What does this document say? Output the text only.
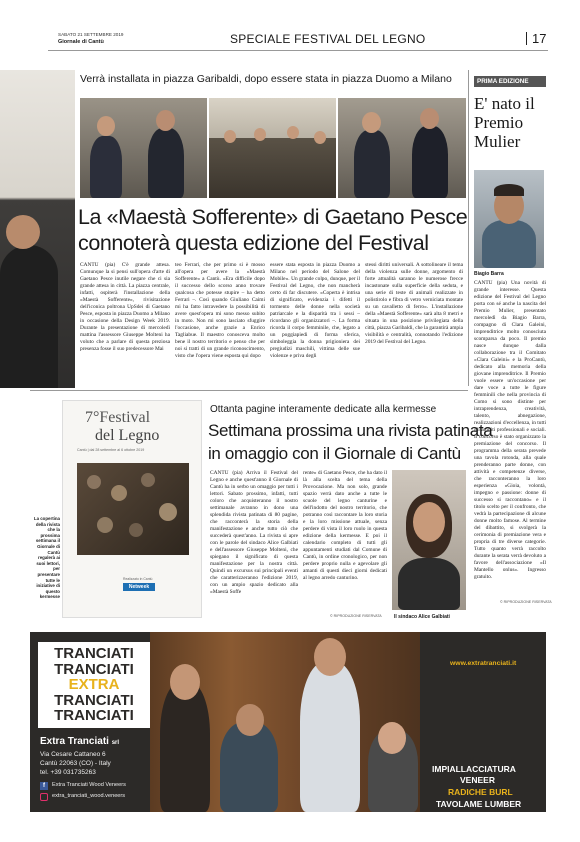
SABATO 21 SETTEMBRE 2019
Giornale di Cantù	SPECIALE FESTIVAL DEL LEGNO	17
Verrà installata in piazza Garibaldi, dopo essere stata in piazza Duomo a Milano
La «Maestà Sofferente» di Gaetano Pesce
connoterà questa edizione del Festival
CANTÙ (pia) C'è grande attesa. Comunque la si pensi sull'opera d'arte di Gaetano Pesce inutile negare che ci sia grande attesa in città. La piazza centrale, infatti, ospiterà l'installazione della «Maestà Sofferente», rivisitazione dell'iconica poltrona UpSdei di Gaetano Pesce, esposta in piazza Duomo a Milano in occasione della Design Week 2019. Durante la presentazione di mercoledì mattina l'assessore Giuseppe Molteni ha voluto che a parlare di questa preziosa presenza fosse il suo predecessore Mai
teo Ferrari, che per primo si è mosso all'opera per avere la «Maestà Sofferente» a Cantù. «Era difficile dopo il successo dello scorso anno trovare qualcosa che potesse stupire – ha detto Ferrari –. Così quando Giuliano Caimi mi ha fatto intravedere la possibilità di avere quest'opera mi sono messo subito in moto. Non mi sono lasciato sfuggire l'occasione, anche grazie a Enrico Tagliabue. Il maestro conosceva molto bene il nostro territorio e penso che per noi si tratti di un grande riconoscimento, visto che l'opera viene esposta qui dopo
essere stata esposta in piazza Duomo a Milano nel periodo del Salone del Mobile». Un grande colpo, dunque, per il Festival del Legno, che non mancherà certo di far discutere. «Coperta è intrisa di significato, evidenzia i difetti il tormento delle donne nella società patriarcale e la disparità tra i sessi – ricordano gli organizzatori –. La forma ricorda il corpo femminile, che, legato a un poggiapiedi di forma sferica, simboleggia la donna prigioniera dei pregiudizi maschili, vittima delle sue violenze e priva degli
stessi diritti universali. A sottolineare il tema della violenza sulle donne, argomento di forte attualità saranno le numerose frecce incastonate sulla superficie della seduta, e una serie di teste di animali realizzate in polistirolo e fibra di vetro verniciata montate su un cavalletto di ferro». L'installazione della «Maestà Sofferente» sarà alta 8 metri e situata in una posizione privilegiata della città, piazza Garibaldi, che la garantirà ampia visibilità e centralità, connotando l'edizione 2019 del Festival del Legno.
PRIMA EDIZIONE
E' nato il Premio Mulier
Biagio Barra
CANTÙ (pia) Una novità di grande interesse. Questa edizione del Festival del Legno porta con sé anche la nascita del Premio Mulier, presentato mercoledì da Biagio Barra, compagno di Clara Galeini, imprenditrice molto conosciuta scomparsa da poco. Il premio nasce dunque dalla collaborazione tra il Comitato «Clara Galeini» e la ProCantù, dedicato alla memoria della giovane imprenditrice. Il Premio vuole essere un'occasione per dare voce a tutte le figure femminili che nella provincia di Como si sono distinte per intraprendenza, creatività, talento, abnegazione, realizzazioni d'eccellenza, in tutti gli ambiti professionali e sociali. Il concorso è stato organizzato la premiazione del concorso. Il programma della serata prevede una tavola rotonda, alla quale prenderanno parte donne, con attività e competenze diverse, che racconteranno la loro esperienza «Gioia, volontà, impegno e passione: donne di successo si raccontano» e il titolo scelto per il confronto, che vedrà la partecipazione di alcune donne molto famose. Al termine del dibattito, si svolgerà la cerimonia di premiazione vera e propria di tre diverse categorie. Tutto quanto verrà raccolto durante la serata verrà devoluto a favore dell'associazione «Il Mantello onlus». Ingresso gratuito.
© RIPRODUZIONE RISERVATA
7°Festival
del Legno
Cantù | dal 28 settembre al 6 ottobre 2019
Realizzato in Cantù
Netweek
La copertina della rivista che la prossima settimana il Giornale di Cantù regalerà ai suoi lettori, per presentare tutte le iniziative di questo kermesse
Ottanta pagine interamente dedicate alla kermesse
Settimana prossima una rivista patinata
in omaggio con il Giornale di Cantù
CANTÙ (pia) Arriva il Festival del Legno e anche quest'anno il Giornale di Cantù ha in serbo un omaggio per tutti i lettori. Sabato prossimo, infatti, tutti coloro che acquisteranno il nostro settimanale avranno in dono una splendida rivista patinata di 80 pagine, che racconterà la storia della manifestazione e anche tutto ciò che succederà quest'anno. La rivista si apre con le parole del sindaco Alice Galbiati e dell'assessore Giuseppe Molteni, che spiegano il significato di questa manifestazione per la nostra città. Quindi un excursus sui principali eventi che caratterizzeranno l'edizione 2019, con un ampio spazio dedicato alla «Maestà Soffe
rente» di Gaetano Pesce, che ha dato il là alla scelta del tema della Provocazione. Ma non solo, grande spazio verrà dato anche a tutte le scuole del legno canturine e dell'indotto del nostro territorio, che potranno così raccontare la loro storia e la loro missione attuale, senza perdere di vista il loro ruolo in questa edizione della kermesse. E poi il calendario completo di tutti gli appuntamenti studiati dal Comune di Cantù, in ordine cronologico, per non perdere proprio nulla e agevolare gli amanti di questi dieci giorni dedicati al legno arredo canturino.
© RIPRODUZIONE RISERVATA Il sindaco Alice Galbiati
TRANCIATI
TRANCIATI
EXTRA
TRANCIATI
TRANCIATI
Extra Tranciati srl
Via Cesare Cattaneo 6
Cantù 22063 (CO) - Italy
tel. +39 031735263
f	Extra Tranciati Wood Veneers
extra_tranciati_wood.veneers
www.extratranciati.it
IMPIALLACCIATURA
VENEER
RADICHE BURL
TAVOLAME LUMBER
